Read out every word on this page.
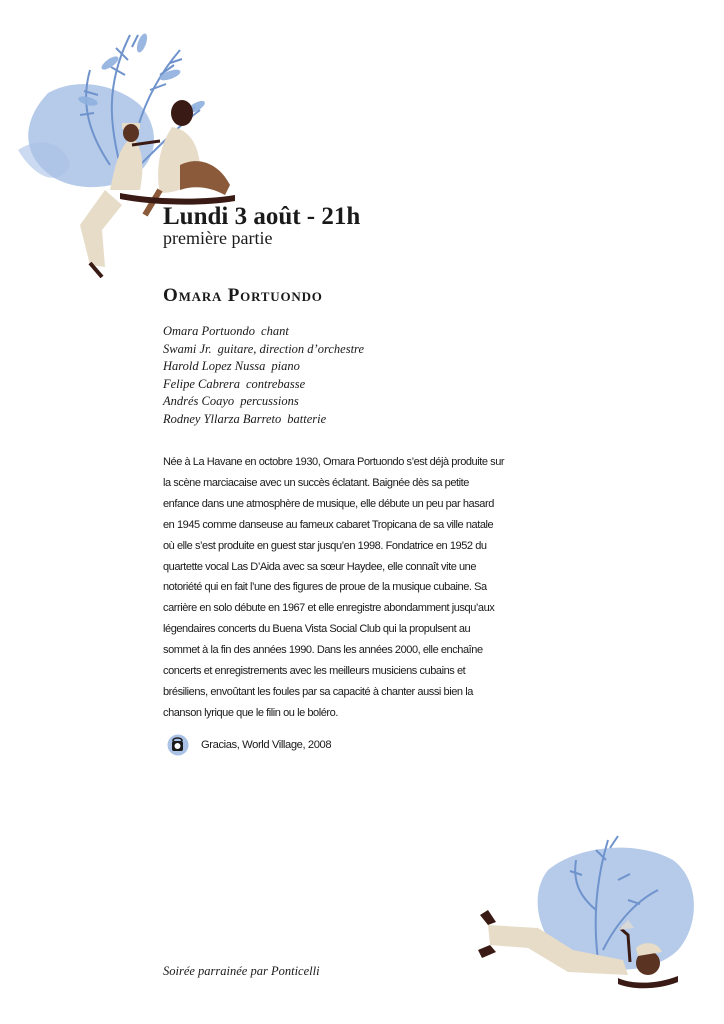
Lundi 3 août - 21h
première partie
Omara Portuondo
Omara Portuondo chant
Swami Jr. guitare, direction d’orchestre
Harold Lopez Nussa piano
Felipe Cabrera contrebasse
Andrés Coayo percussions
Rodney Yllarza Barreto batterie
Née à La Havane en octobre 1930, Omara Portuondo s’est déjà produite sur la scène marciacaise avec un succès éclatant. Baignée dès sa petite enfance dans une atmosphère de musique, elle débute un peu par hasard en 1945 comme danseuse au fameux cabaret Tropicana de sa ville natale où elle s’est produite en guest star jusqu’en 1998. Fondatrice en 1952 du quartette vocal Las D’Aida avec sa sœur Haydee, elle connaît vite une notoriété qui en fait l’une des figures de proue de la musique cubaine. Sa carrière en solo débute en 1967 et elle enregistre abondamment jusqu’aux légendaires concerts du Buena Vista Social Club qui la propulsent au sommet à la fin des années 1990. Dans les années 2000, elle enchaîne concerts et enregistrements avec les meilleurs musiciens cubains et brésiliens, envoûtant les foules par sa capacité à chanter aussi bien la chanson lyrique que le filin ou le boléro.
Gracias, World Village, 2008
Soirée parrainée par Ponticelli
